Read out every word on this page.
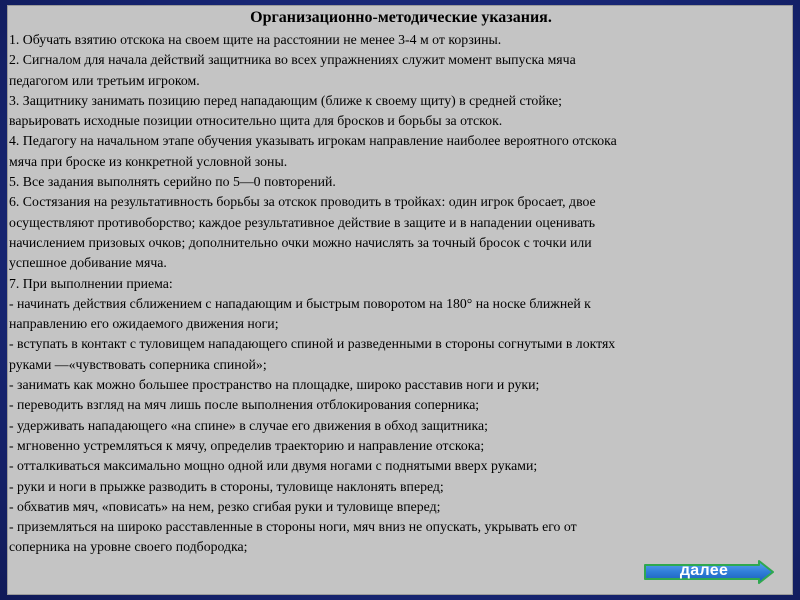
Организационно-методические указания.
1. Обучать взятию отскока на своем щите на расстоянии не менее 3-4 м от корзины.
2. Сигналом для начала действий защитника во всех упражнениях служит момент выпуска мяча
педагогом или третьим игроком.
3. Защитнику занимать позицию перед нападающим (ближе к своему щиту) в средней стойке;
варьировать исходные позиции относительно щита для бросков и борьбы за отскок.
4. Педагогу на начальном этапе обучения указывать игрокам направление наиболее вероятного отскока
мяча при броске из конкретной условной зоны.
5. Все задания выполнять серийно по 5—0 повторений.
6. Состязания на результативность борьбы за отскок проводить в тройках: один игрок бросает, двое
осуществляют противоборство; каждое результативное действие в защите и в нападении оценивать
начислением призовых очков; дополнительно очки можно начислять за точный бросок с точки или
успешное добивание мяча.
7. При выполнении приема:
- начинать действия сближением с нападающим и быстрым поворотом на 180° на носке ближней к
направлению его ожидаемого движения ноги;
- вступать в контакт с туловищем нападающего спиной и разведенными в стороны согнутыми в локтях
руками —«чувствовать соперника спиной»;
- занимать как можно большее пространство на площадке, широко расставив ноги и руки;
- переводить взгляд на мяч лишь после выполнения отблокирования соперника;
- удерживать нападающего «на спине» в случае его движения в обход защитника;
- мгновенно устремляться к мячу, определив траекторию и направление отскока;
- отталкиваться максимально мощно одной или двумя ногами с поднятыми вверх руками;
- руки и ноги в прыжке разводить в стороны, туловище наклонять вперед;
- обхватив мяч, «повисать» на нем, резко сгибая руки и туловище вперед;
- приземляться на широко расставленные в стороны ноги, мяч вниз не опускать, укрывать его от
соперника на уровне своего подбородка;
далее
